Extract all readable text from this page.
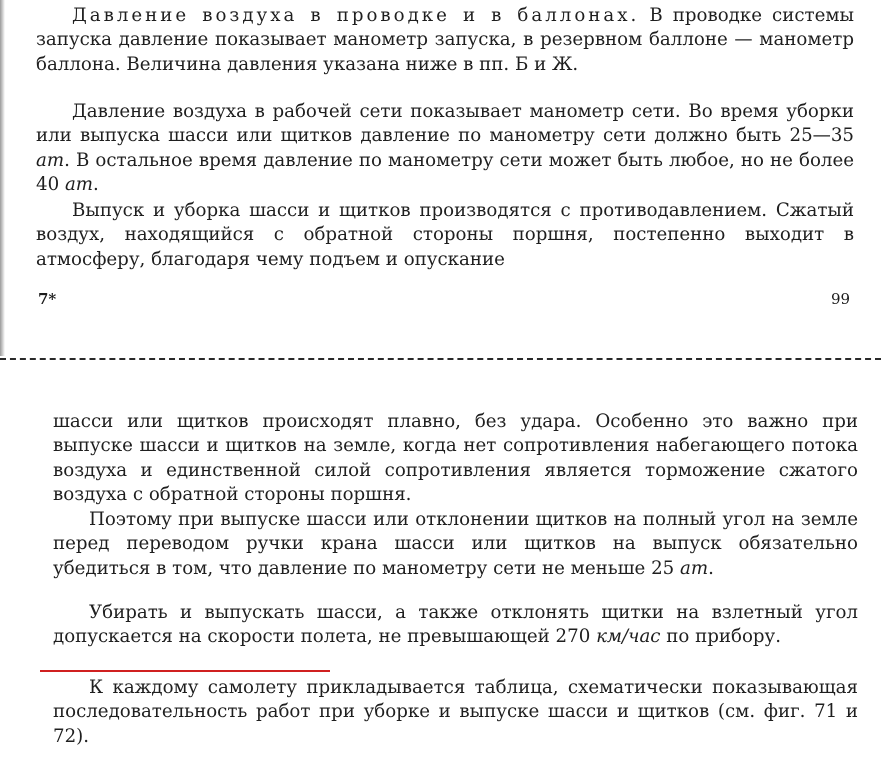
Давление воздуха в проводке и в баллонах. В проводке системы запуска давление показывает манометр запуска, в резервном баллоне — манометр баллона. Величина давления указана ниже в пп. Б и Ж.

Давление воздуха в рабочей сети показывает манометр сети. Во время уборки или выпуска шасси или щитков давление по манометру сети должно быть 25—35 ат. В остальное время давление по манометру сети может быть любое, но не более 40 ат.

Выпуск и уборка шасси и щитков производятся с противодавлением. Сжатый воздух, находящийся с обратной стороны поршня, постепенно выходит в атмосферу, благодаря чему подъем и опускание

7*	99

шасси или щитков происходят плавно, без удара. Особенно это важно при выпуске шасси и щитков на земле, когда нет сопротивления набегающего потока воздуха и единственной силой сопротивления является торможение сжатого воздуха с обратной стороны поршня.

Поэтому при выпуске шасси или отклонении щитков на полный угол на земле перед переводом ручки крана шасси или щитков на выпуск обязательно убедиться в том, что давление по манометру сети не меньше 25 ат.

Убирать и выпускать шасси, а также отклонять щитки на взлетный угол допускается на скорости полета, не превышающей 270 км/час по прибору.

К каждому самолету прикладывается таблица, схематически показывающая последовательность работ при уборке и выпуске шасси и щитков (см. фиг. 71 и 72).
